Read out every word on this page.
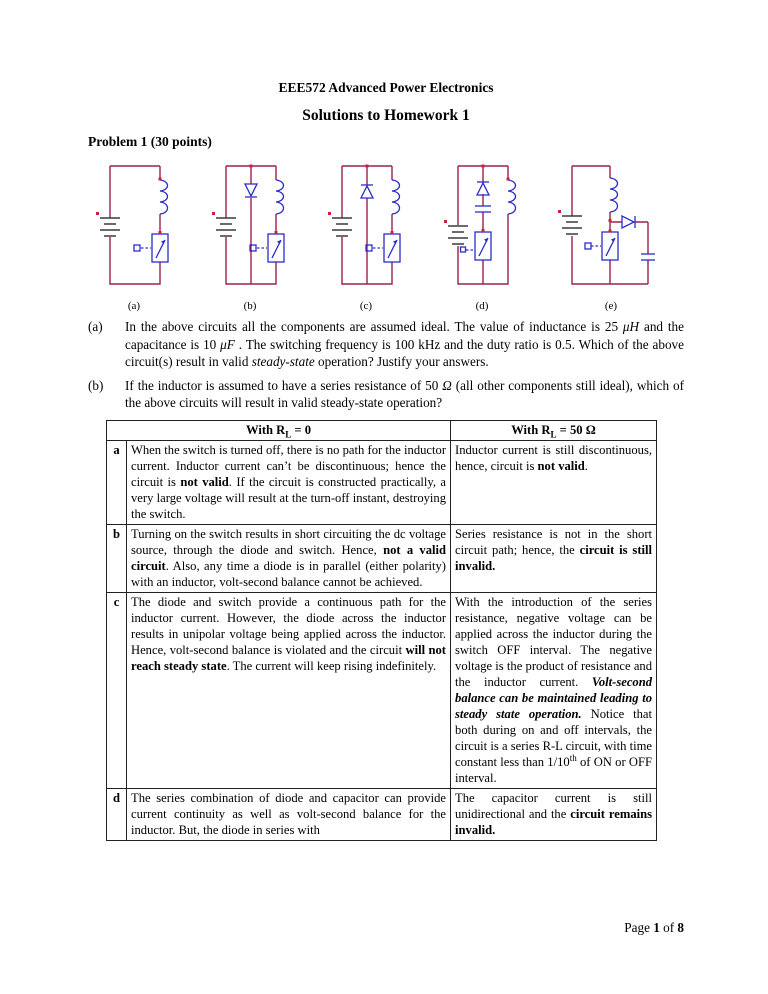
EEE572 Advanced Power Electronics
Solutions to Homework 1
Problem 1 (30 points)
(a)	(b)	(c)	(d)	(e)
(a) In the above circuits all the components are assumed ideal. The value of inductance is 25 μH and the capacitance is 10 μF . The switching frequency is 100 kHz and the duty ratio is 0.5. Which of the above circuit(s) result in valid steady-state operation? Justify your answers.
(b) If the inductor is assumed to have a series resistance of 50 Ω (all other components still ideal), which of the above circuits will result in valid steady-state operation?
With $R_L = 0$		With $R_L = 50$ Ω
a	When the switch is turned off, there is no path for the inductor current. Inductor current can’t be discontinuous; hence the circuit is not valid. If the circuit is constructed practically, a very large voltage will result at the turn-off instant, destroying the switch.	Inductor current is still discontinuous, hence, circuit is not valid.
b	Turning on the switch results in short circuiting the dc voltage source, through the diode and switch. Hence, not a valid circuit. Also, any time a diode is in parallel (either polarity) with an inductor, volt-second balance cannot be achieved.	Series resistance is not in the short circuit path; hence, the circuit is still invalid.
c	The diode and switch provide a continuous path for the inductor current. However, the diode across the inductor results in unipolar voltage being applied across the inductor. Hence, volt-second balance is violated and the circuit will not reach steady state. The current will keep rising indefinitely.	With the introduction of the series resistance, negative voltage can be applied across the inductor during the switch OFF interval. The negative voltage is the product of resistance and the inductor current. Volt-second balance can be maintained leading to steady state operation. Notice that both during on and off intervals, the circuit is a series R-L circuit, with time constant less than 1/10th of ON or OFF interval.
d	The series combination of diode and capacitor can provide current continuity as well as volt-second balance for the inductor. But, the diode in series with	The capacitor current is still unidirectional and the circuit remains invalid.
Page 1 of 8
